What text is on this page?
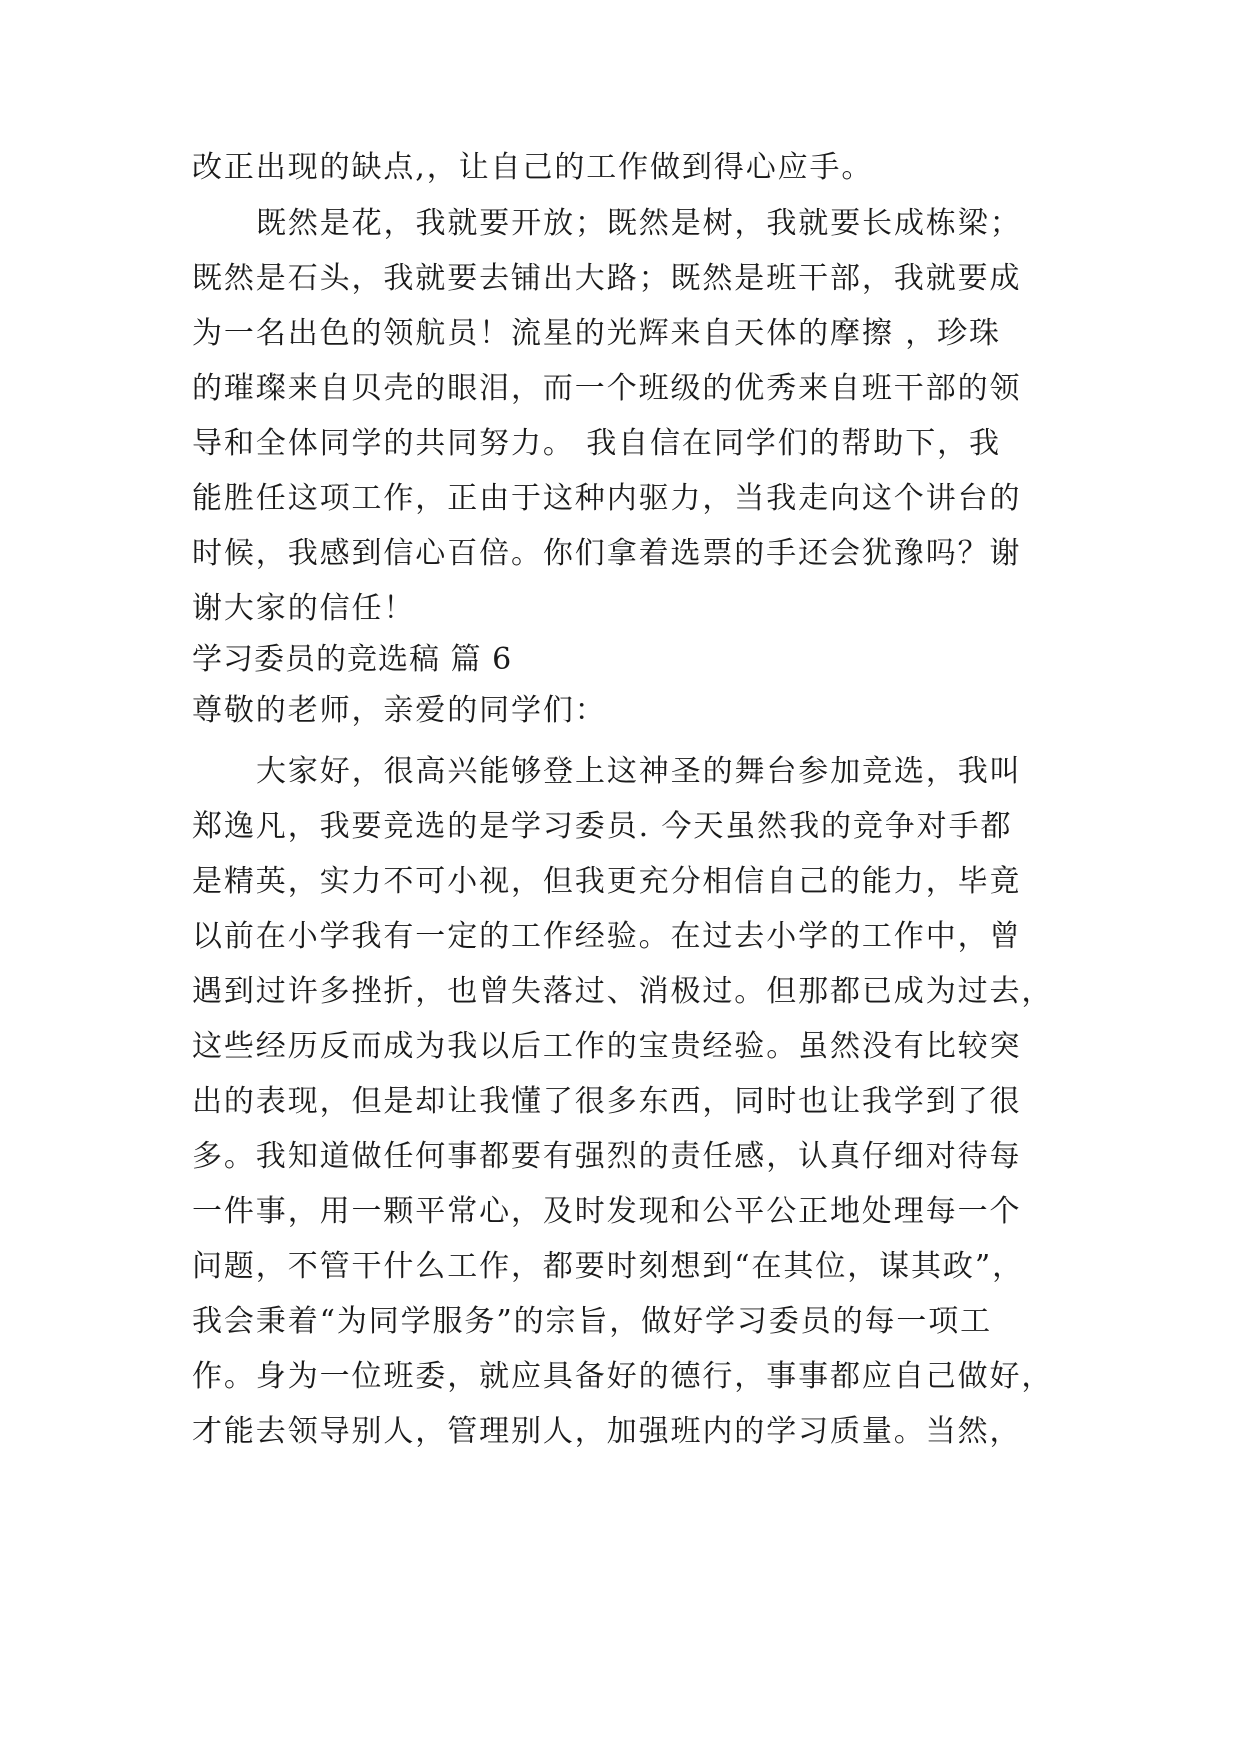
改正出现的缺点,，让自己的工作做到得心应手。
既然是花，我就要开放；既然是树，我就要长成栋梁；
既然是石头，我就要去铺出大路；既然是班干部，我就要成
为一名出色的领航员！流星的光辉来自天体的摩擦 ，珍珠
的璀璨来自贝壳的眼泪，而一个班级的优秀来自班干部的领
导和全体同学的共同努力。 我自信在同学们的帮助下，我
能胜任这项工作，正由于这种内驱力，当我走向这个讲台的
时候，我感到信心百倍。你们拿着选票的手还会犹豫吗？谢
谢大家的信任！
学习委员的竞选稿 篇 6
尊敬的老师，亲爱的同学们：
大家好，很高兴能够登上这神圣的舞台参加竞选，我叫
郑逸凡，我要竞选的是学习委员. 今天虽然我的竞争对手都
是精英，实力不可小视，但我更充分相信自己的能力，毕竟
以前在小学我有一定的工作经验。在过去小学的工作中，曾
遇到过许多挫折，也曾失落过、消极过。但那都已成为过去，
这些经历反而成为我以后工作的宝贵经验。虽然没有比较突
出的表现，但是却让我懂了很多东西，同时也让我学到了很
多。我知道做任何事都要有强烈的责任感，认真仔细对待每
一件事，用一颗平常心，及时发现和公平公正地处理每一个
问题，不管干什么工作，都要时刻想到“在其位，谋其政”，
我会秉着“为同学服务”的宗旨，做好学习委员的每一项工
作。身为一位班委，就应具备好的德行，事事都应自己做好，
才能去领导别人，管理别人，加强班内的学习质量。当然，
